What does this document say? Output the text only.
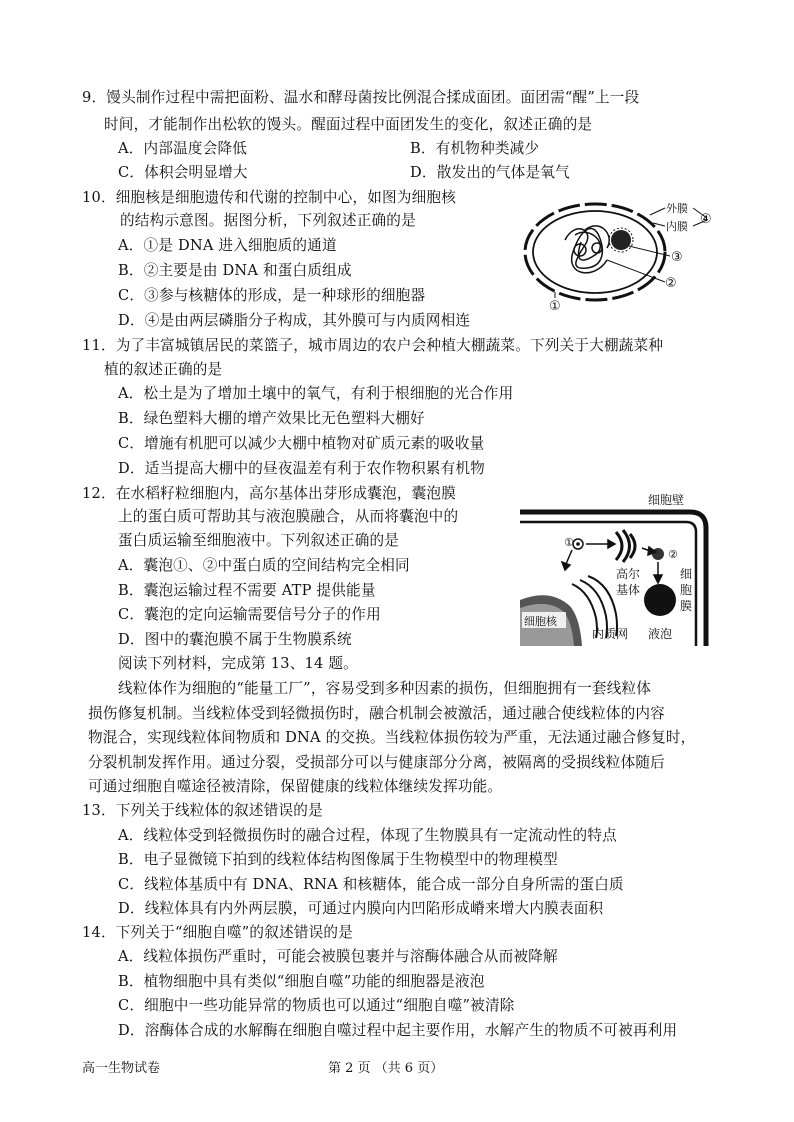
9．馒头制作过程中需把面粉、温水和酵母菌按比例混合揉成面团。面团需“醒”上一段
时间，才能制作出松软的馒头。醒面过程中面团发生的变化，叙述正确的是
A．内部温度会降低	B．有机物种类减少
C．体积会明显增大	D．散发出的气体是氧气
10．细胞核是细胞遗传和代谢的控制中心，如图为细胞核
的结构示意图。据图分析，下列叙述正确的是
A．①是 DNA 进入细胞质的通道
B．②主要是由 DNA 和蛋白质组成
C．③参与核糖体的形成，是一种球形的细胞器
D．④是由两层磷脂分子构成，其外膜可与内质网相连
外膜
内膜 ④
③
②
①
11．为了丰富城镇居民的菜篮子，城市周边的农户会种植大棚蔬菜。下列关于大棚蔬菜种
植的叙述正确的是
A．松土是为了增加土壤中的氧气，有利于根细胞的光合作用
B．绿色塑料大棚的增产效果比无色塑料大棚好
C．增施有机肥可以减少大棚中植物对矿质元素的吸收量
D．适当提高大棚中的昼夜温差有利于农作物积累有机物
12．在水稻籽粒细胞内，高尔基体出芽形成囊泡，囊泡膜
上的蛋白质可帮助其与液泡膜融合，从而将囊泡中的
蛋白质运输至细胞液中。下列叙述正确的是
A．囊泡①、②中蛋白质的空间结构完全相同
B．囊泡运输过程不需要 ATP 提供能量
C．囊泡的定向运输需要信号分子的作用
D．图中的囊泡膜不属于生物膜系统
细胞壁
①
②
高尔
基体
细
胞
膜
细胞核
内质网 液泡
阅读下列材料，完成第 13、14 题。
线粒体作为细胞的“能量工厂”，容易受到多种因素的损伤，但细胞拥有一套线粒体
损伤修复机制。当线粒体受到轻微损伤时，融合机制会被激活，通过融合使线粒体的内容
物混合，实现线粒体间物质和 DNA 的交换。当线粒体损伤较为严重，无法通过融合修复时，
分裂机制发挥作用。通过分裂，受损部分可以与健康部分分离，被隔离的受损线粒体随后
可通过细胞自噬途径被清除，保留健康的线粒体继续发挥功能。
13．下列关于线粒体的叙述错误的是
A．线粒体受到轻微损伤时的融合过程，体现了生物膜具有一定流动性的特点
B．电子显微镜下拍到的线粒体结构图像属于生物模型中的物理模型
C．线粒体基质中有 DNA、RNA 和核糖体，能合成一部分自身所需的蛋白质
D．线粒体具有内外两层膜，可通过内膜向内凹陷形成嵴来增大内膜表面积
14．下列关于“细胞自噬”的叙述错误的是
A．线粒体损伤严重时，可能会被膜包裹并与溶酶体融合从而被降解
B．植物细胞中具有类似“细胞自噬”功能的细胞器是液泡
C．细胞中一些功能异常的物质也可以通过“细胞自噬”被清除
D．溶酶体合成的水解酶在细胞自噬过程中起主要作用，水解产生的物质不可被再利用
高一生物试卷	第 2 页 （共 6 页）
